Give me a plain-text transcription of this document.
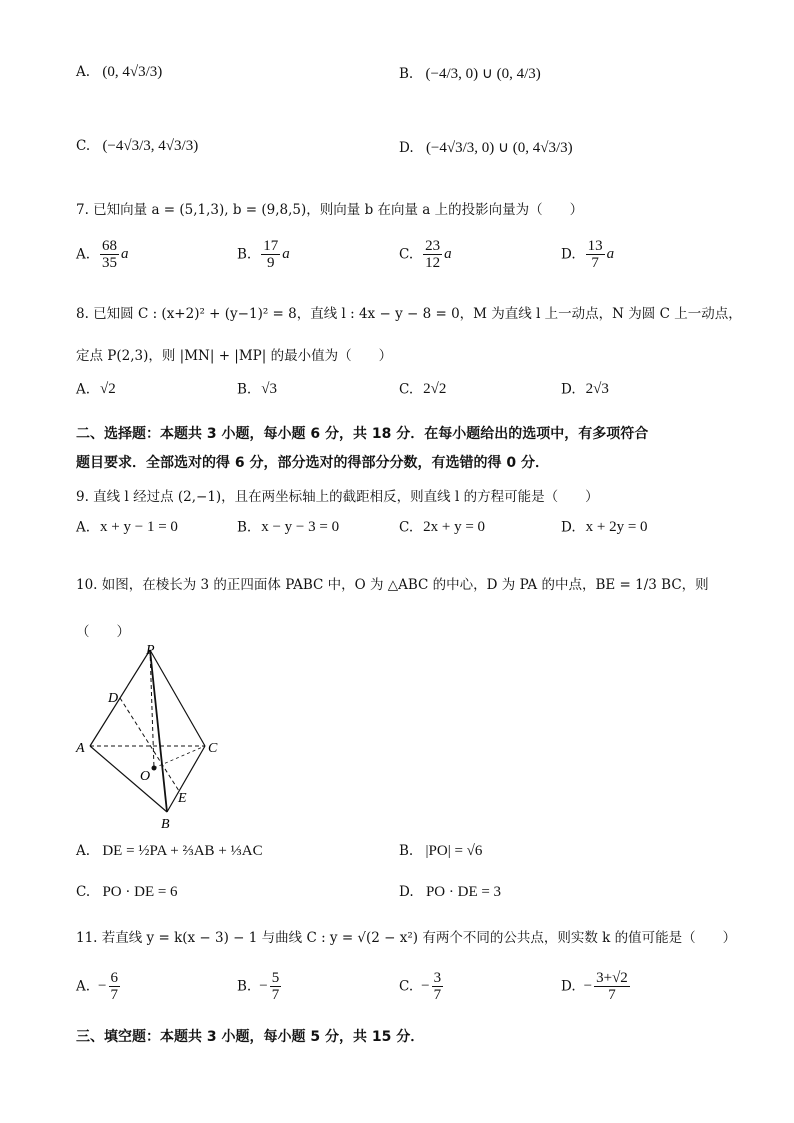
A. (0, 4√3/3)	B. (−4/3, 0) ∪ (0, 4/3)
C. (−4√3/3, 4√3/3)	D. (−4√3/3, 0) ∪ (0, 4√3/3)
7. 已知向量 a = (5,1,3), b = (9,8,5)，则向量 b 在向量 a 上的投影向量为（　　）
A. $\frac{68}{35}$ a	B. $\frac{17}{9}$ a	C. $\frac{23}{12}$ a	D. $\frac{13}{7}$ a
8. 已知圆 C : (x+2)² + (y−1)² = 8，直线 l : 4x − y − 8 = 0，M 为直线 l 上一动点，N 为圆 C 上一动点，
定点 P(2,3)，则 |MN| + |MP| 的最小值为（　　）
A. √2	B. √3	C. 2√2	D. 2√3
二、选择题：本题共 3 小题，每小题 6 分，共 18 分．在每小题给出的选项中，有多项符合
题目要求．全部选对的得 6 分，部分选对的得部分分数，有选错的得 0 分．
9. 直线 l 经过点 (2,−1)，且在两坐标轴上的截距相反，则直线 l 的方程可能是（　　）
A. x + y − 1 = 0	B. x − y − 3 = 0	C. 2x + y = 0	D. x + 2y = 0
10. 如图，在棱长为 3 的正四面体 PABC 中，O 为 △ABC 的中心，D 为 PA 的中点，BE = 1/3 BC，则
（　　）
P
D
A	C
O
E
B
A. DE = ½PA + ⅔AB + ⅓AC	B. |PO| = √6
C. PO · DE = 6	D. PO · DE = 3
11. 若直线 y = k(x − 3) − 1 与曲线 C : y = √(2 − x²) 有两个不同的公共点，则实数 k 的值可能是（　　）
A. − $\frac{6}{7}$	B. − $\frac{5}{7}$	C. − $\frac{3}{7}$	D. − $\frac{3+√2}{7}$
三、填空题：本题共 3 小题，每小题 5 分，共 15 分．
